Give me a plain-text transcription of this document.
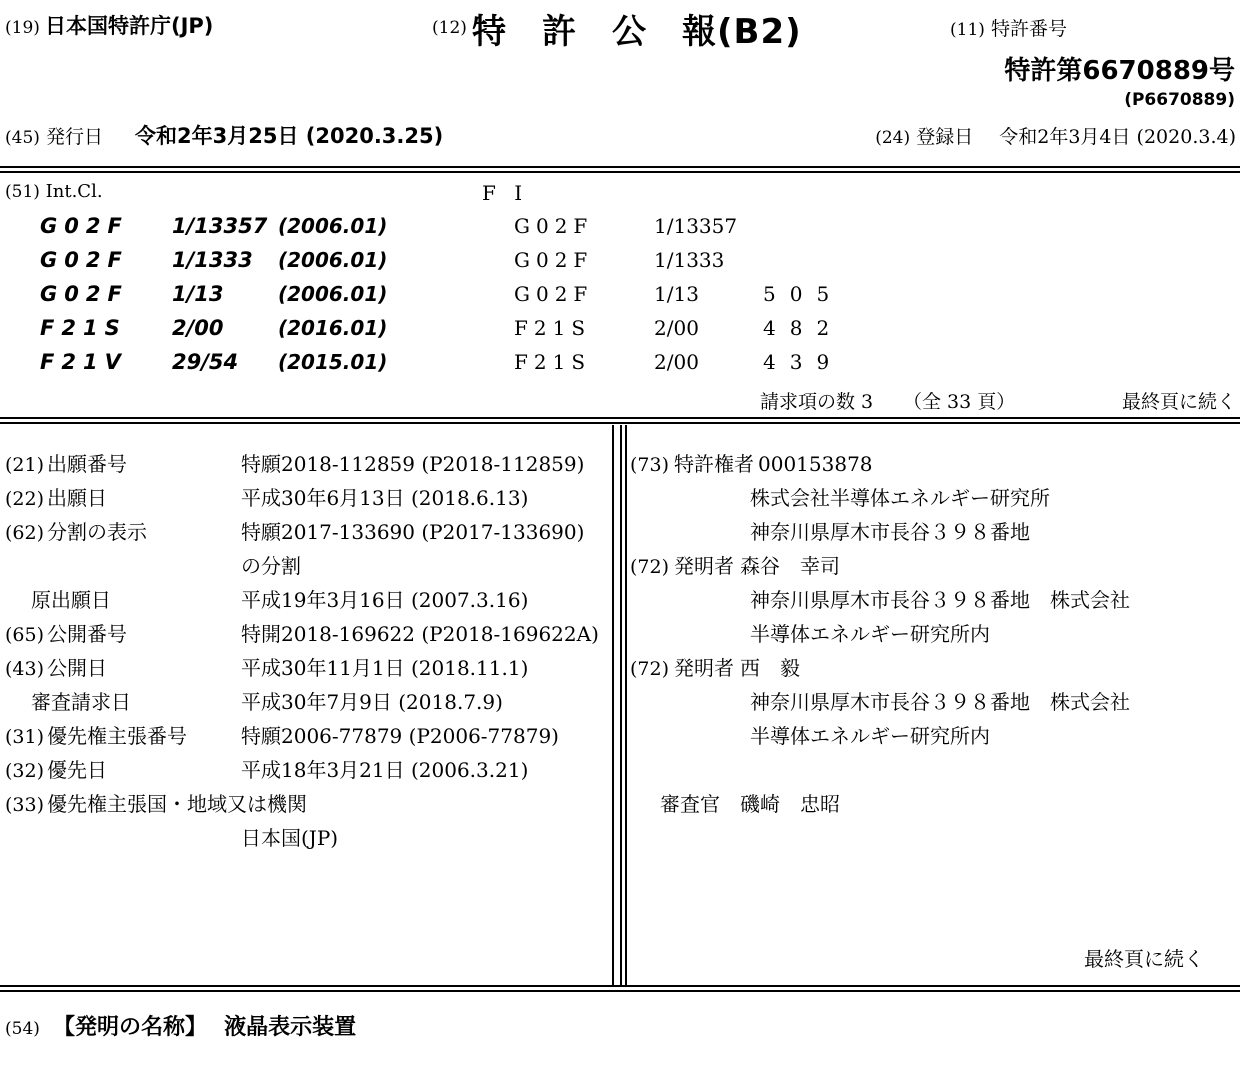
(19) 日本国特許庁(JP)	(12) 特　許　公　報(B2)	(11) 特許番号
特許第6670889号
(P6670889)
(45) 発行日 令和2年3月25日 (2020.3.25)	(24) 登録日 令和2年3月4日 (2020.3.4)
(51) Int.Cl.	F I
G02F 1/13357 (2006.01)	G02F	1/13357
G02F 1/1333 (2006.01)	G02F	1/1333
G02F 1/13	(2006.01)	G02F	1/13	505
F21S 2/00	(2016.01)	F21S	2/00	482
F21V 29/54 (2015.01)	F21S	2/00	439
請求項の数 3 （全 33 頁）	最終頁に続く
(21) 出願番号	特願2018-112859 (P2018-112859)
(22) 出願日	平成30年6月13日 (2018.6.13)
(62) 分割の表示	特願2017-133690 (P2017-133690)
の分割
原出願日	平成19年3月16日 (2007.3.16)
(65) 公開番号	特開2018-169622 (P2018-169622A)
(43) 公開日	平成30年11月1日 (2018.11.1)
審査請求日	平成30年7月9日 (2018.7.9)
(31) 優先権主張番号	特願2006-77879 (P2006-77879)
(32) 優先日	平成18年3月21日 (2006.3.21)
(33) 優先権主張国・地域又は機関
日本国(JP)
(73) 特許権者 000153878
株式会社半導体エネルギー研究所
神奈川県厚木市長谷３９８番地
(72) 発明者 森谷　幸司
神奈川県厚木市長谷３９８番地　株式会社
半導体エネルギー研究所内
(72) 発明者 西　毅
神奈川県厚木市長谷３９８番地　株式会社
半導体エネルギー研究所内
審査官 磯崎　忠昭
最終頁に続く
(54) 【発明の名称】 液晶表示装置
